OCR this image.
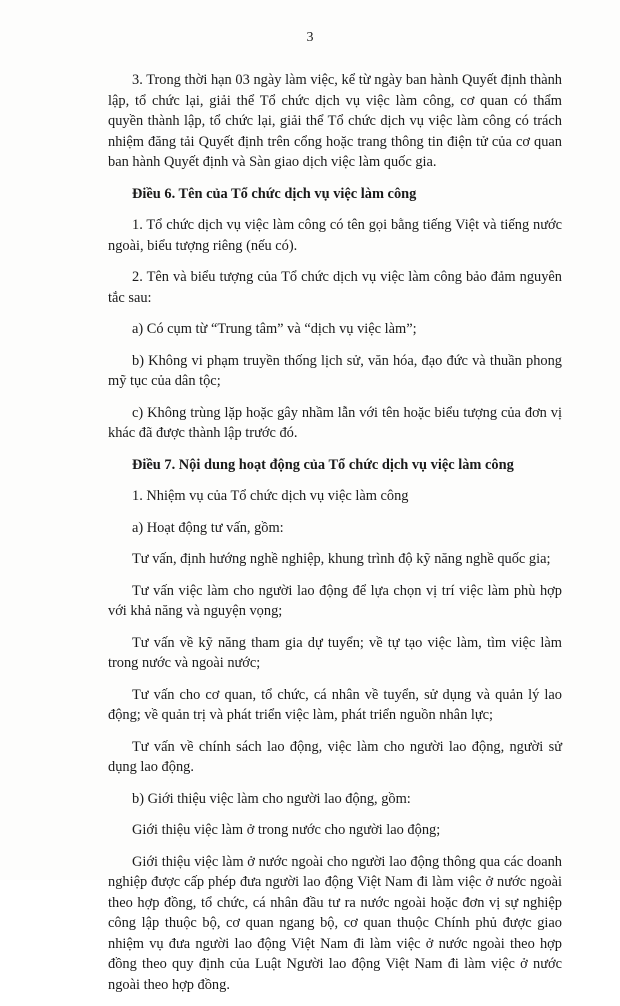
3

3. Trong thời hạn 03 ngày làm việc, kể từ ngày ban hành Quyết định thành lập, tổ chức lại, giải thể Tổ chức dịch vụ việc làm công, cơ quan có thẩm quyền thành lập, tổ chức lại, giải thể Tổ chức dịch vụ việc làm công có trách nhiệm đăng tải Quyết định trên cổng hoặc trang thông tin điện tử của cơ quan ban hành Quyết định và Sàn giao dịch việc làm quốc gia.

Điều 6. Tên của Tổ chức dịch vụ việc làm công

1. Tổ chức dịch vụ việc làm công có tên gọi bằng tiếng Việt và tiếng nước ngoài, biểu tượng riêng (nếu có).

2. Tên và biểu tượng của Tổ chức dịch vụ việc làm công bảo đảm nguyên tắc sau:

a) Có cụm từ “Trung tâm” và “dịch vụ việc làm”;

b) Không vi phạm truyền thống lịch sử, văn hóa, đạo đức và thuần phong mỹ tục của dân tộc;

c) Không trùng lặp hoặc gây nhầm lẫn với tên hoặc biểu tượng của đơn vị khác đã được thành lập trước đó.

Điều 7. Nội dung hoạt động của Tổ chức dịch vụ việc làm công

1. Nhiệm vụ của Tổ chức dịch vụ việc làm công

a) Hoạt động tư vấn, gồm:

Tư vấn, định hướng nghề nghiệp, khung trình độ kỹ năng nghề quốc gia;

Tư vấn việc làm cho người lao động để lựa chọn vị trí việc làm phù hợp với khả năng và nguyện vọng;

Tư vấn về kỹ năng tham gia dự tuyển; về tự tạo việc làm, tìm việc làm trong nước và ngoài nước;

Tư vấn cho cơ quan, tổ chức, cá nhân về tuyển, sử dụng và quản lý lao động; về quản trị và phát triển việc làm, phát triển nguồn nhân lực;

Tư vấn về chính sách lao động, việc làm cho người lao động, người sử dụng lao động.

b) Giới thiệu việc làm cho người lao động, gồm:

Giới thiệu việc làm ở trong nước cho người lao động;

Giới thiệu việc làm ở nước ngoài cho người lao động thông qua các doanh nghiệp được cấp phép đưa người lao động Việt Nam đi làm việc ở nước ngoài theo hợp đồng, tổ chức, cá nhân đầu tư ra nước ngoài hoặc đơn vị sự nghiệp công lập thuộc bộ, cơ quan ngang bộ, cơ quan thuộc Chính phủ được giao nhiệm vụ đưa người lao động Việt Nam đi làm việc ở nước ngoài theo hợp đồng theo quy định của Luật Người lao động Việt Nam đi làm việc ở nước ngoài theo hợp đồng.
